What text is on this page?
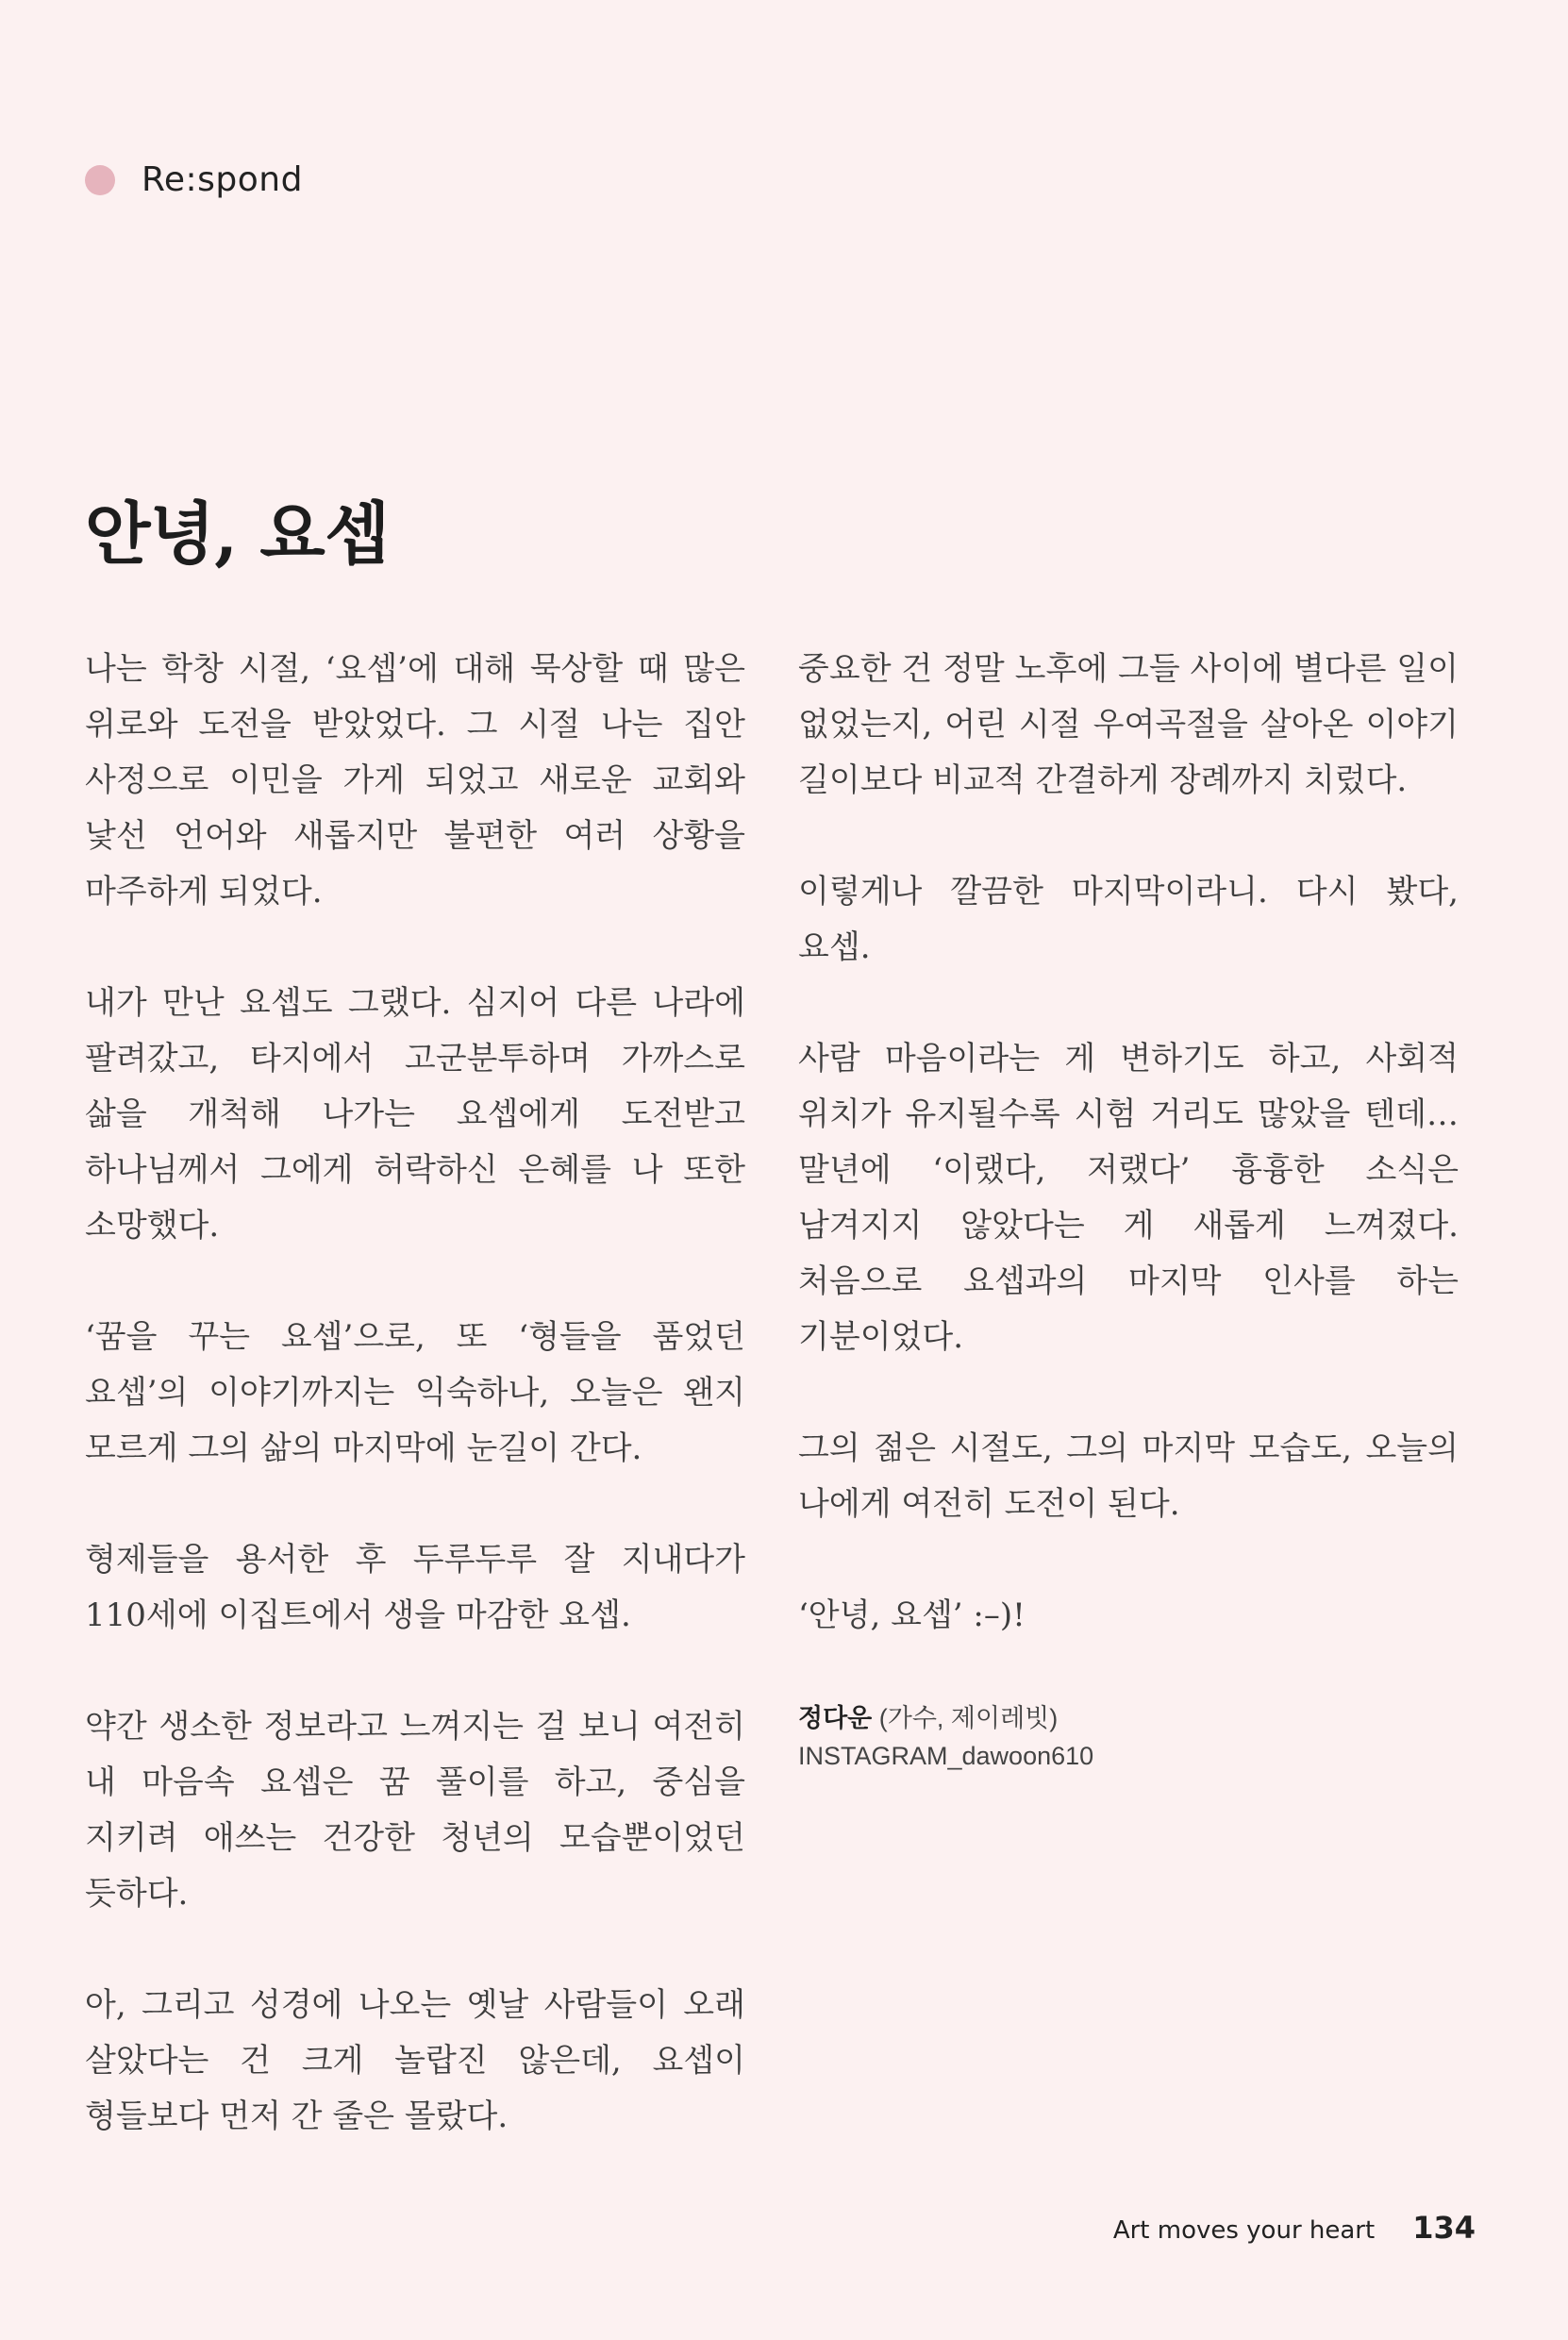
Re:spond
안녕, 요셉

나는 학창 시절, ‘요셉’에 대해 묵상할 때 많은 위로와 도전을 받았었다. 그 시절 나는 집안 사정으로 이민을 가게 되었고 새로운 교회와 낯선 언어와 새롭지만 불편한 여러 상황을 마주하게 되었다.

내가 만난 요셉도 그랬다. 심지어 다른 나라에 팔려갔고, 타지에서 고군분투하며 가까스로 삶을 개척해 나가는 요셉에게 도전받고 하나님께서 그에게 허락하신 은혜를 나 또한 소망했다.

‘꿈을 꾸는 요셉’으로, 또 ‘형들을 품었던 요셉’의 이야기까지는 익숙하나, 오늘은 왠지 모르게 그의 삶의 마지막에 눈길이 간다.

형제들을 용서한 후 두루두루 잘 지내다가 110세에 이집트에서 생을 마감한 요셉.

약간 생소한 정보라고 느껴지는 걸 보니 여전히 내 마음속 요셉은 꿈 풀이를 하고, 중심을 지키려 애쓰는 건강한 청년의 모습뿐이었던 듯하다.

아, 그리고 성경에 나오는 옛날 사람들이 오래 살았다는 건 크게 놀랍진 않은데, 요셉이 형들보다 먼저 간 줄은 몰랐다.

중요한 건 정말 노후에 그들 사이에 별다른 일이 없었는지, 어린 시절 우여곡절을 살아온 이야기 길이보다 비교적 간결하게 장례까지 치렀다.

이렇게나 깔끔한 마지막이라니. 다시 봤다, 요셉.

사람 마음이라는 게 변하기도 하고, 사회적 위치가 유지될수록 시험 거리도 많았을 텐데… 말년에 ‘이랬다, 저랬다’ 흉흉한 소식은 남겨지지 않았다는 게 새롭게 느껴졌다. 처음으로 요셉과의 마지막 인사를 하는 기분이었다.

그의 젊은 시절도, 그의 마지막 모습도, 오늘의 나에게 여전히 도전이 된다.

‘안녕, 요셉’ :–)!

정다운 (가수, 제이레빗)
INSTAGRAM_dawoon610
Art moves your heart 134
